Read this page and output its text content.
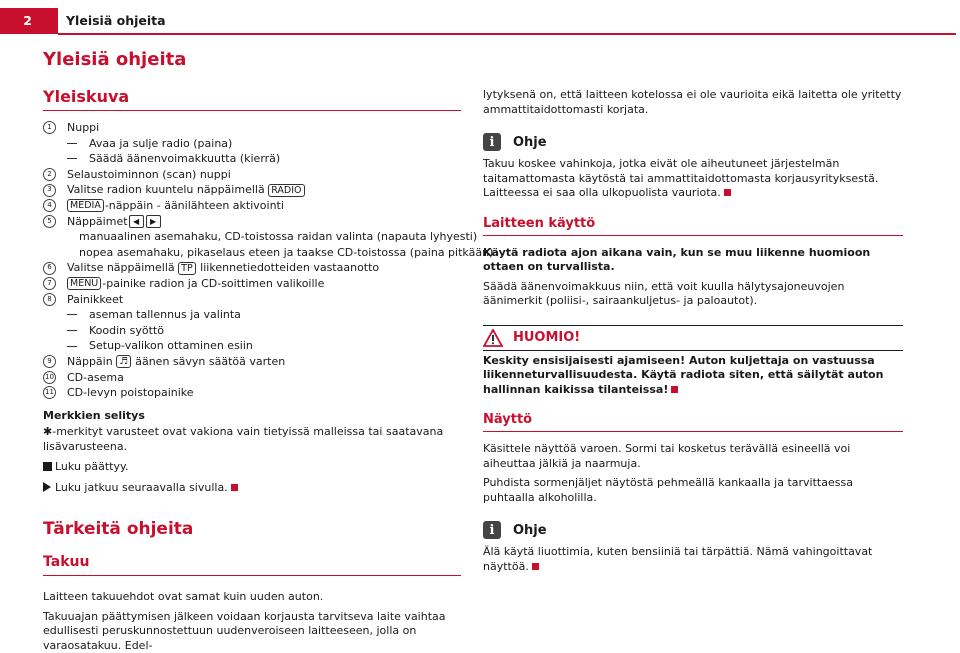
2	Yleisiä ohjeita
Yleisiä ohjeita
Yleiskuva
1	Nuppi
Avaa ja sulje radio (paina)
Säädä äänenvoimakkuutta (kierrä)
2	Selaustoiminnon (scan) nuppi
3	Valitse radion kuuntelu näppäimellä RADIO
4	MEDIA -näppäin - äänilähteen aktivointi
5	Näppäimet ◀	▶
manuaalinen asemahaku, CD-toistossa raidan valinta (napauta lyhyesti)
nopea asemahaku, pikaselaus eteen ja taakse CD-toistossa (paina pitkään)
6	Valitse näppäimellä TP liikennetiedotteiden vastaanotto
7	MENU -painike radion ja CD-soittimen valikoille
8	Painikkeet
aseman tallennus ja valinta
Koodin syöttö
Setup-valikon ottaminen esiin
9	Näppäin ♬ äänen sävyn säätöä varten
10 CD-asema
11 CD-levyn poistopainike

Merkkien selitys

✱-merkityt varusteet ovat vakiona vain tietyissä malleissa tai saatavana lisävarusteena.

Luku päättyy.

Luku jatkuu seuraavalla sivulla.

Tärkeitä ohjeita
Takuu

Laitteen takuuehdot ovat samat kuin uuden auton.

Takuuajan päättymisen jälkeen voidaan korjausta tarvitseva laite vaihtaa edullisesti peruskunnostettuun uudenveroiseen laitteeseen, jolla on varaosatakuu. Edel-

lytyksenä on, että laitteen kotelossa ei ole vaurioita eikä laitetta ole yritetty ammattitaidottomasti korjata.

i	Ohje

Takuu koskee vahinkoja, jotka eivät ole aiheutuneet järjestelmän taitamattomasta käytöstä tai ammattitaidottomasta korjausyrityksestä. Laitteessa ei saa olla ulkopuolista vauriota.

Laitteen käyttö

Käytä radiota ajon aikana vain, kun se muu liikenne huomioon ottaen on turvallista.

Säädä äänenvoimakkuus niin, että voit kuulla hälytysajoneuvojen äänimerkit (poliisi-, sairaankuljetus- ja paloautot).

HUOMIO!

Keskity ensisijaisesti ajamiseen! Auton kuljettaja on vastuussa liikenneturvallisuudesta. Käytä radiota siten, että säilytät auton hallinnan kaikissa tilanteissa!

Näyttö

Käsittele näyttöä varoen. Sormi tai kosketus terävällä esineellä voi aiheuttaa jälkiä ja naarmuja.

Puhdista sormenjäljet näytöstä pehmeällä kankaalla ja tarvittaessa puhtaalla alkoholilla.

i	Ohje

Älä käytä liuottimia, kuten bensiiniä tai tärpättiä. Nämä vahingoittavat näyttöä.
